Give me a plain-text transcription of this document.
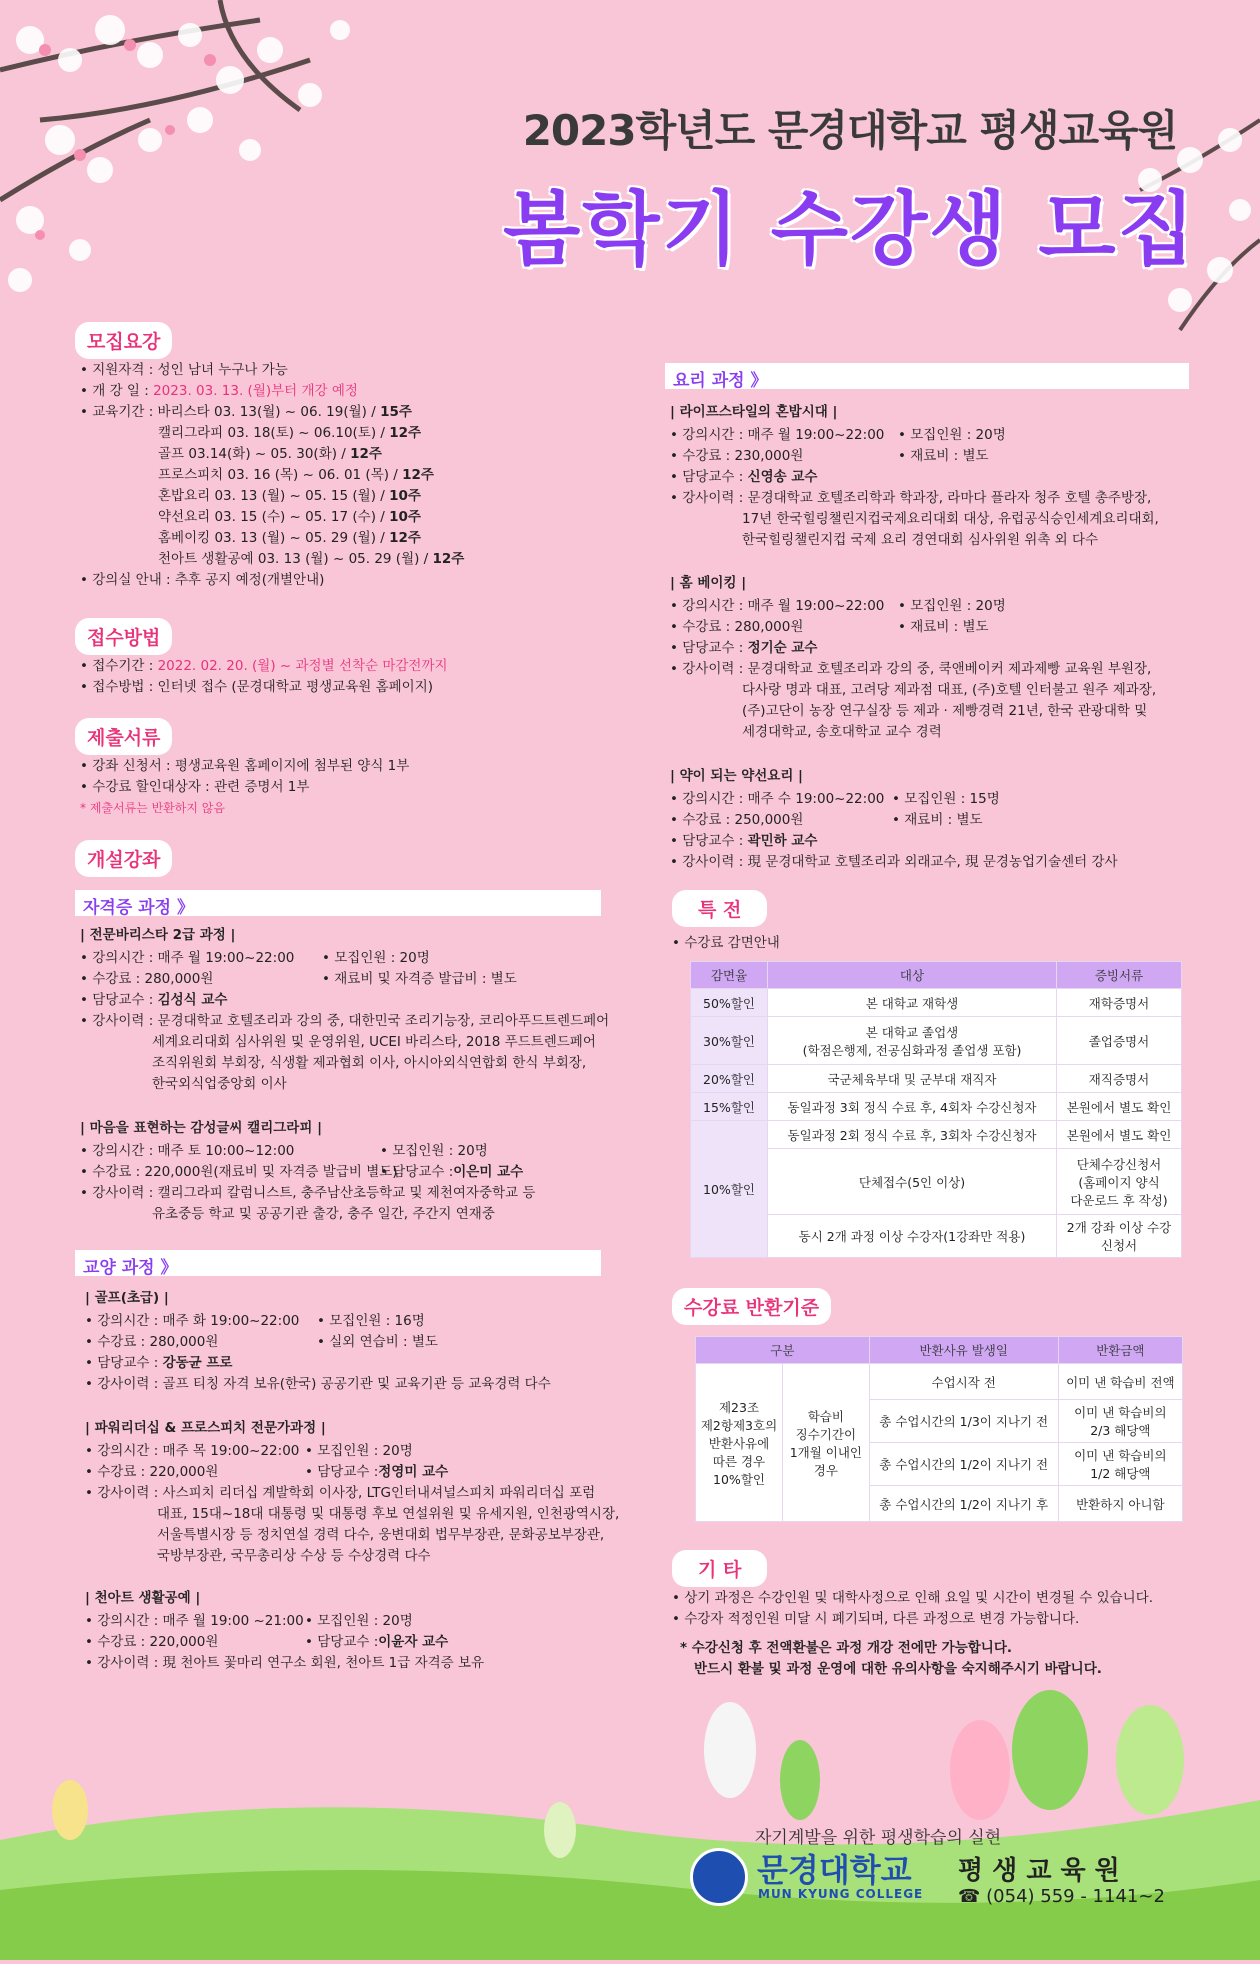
2023학년도 문경대학교 평생교육원
봄학기 수강생 모집
모집요강
• 지원자격 : 성인 남녀 누구나 가능
• 개 강 일 : 2023. 03. 13. (월)부터 개강 예정
• 교육기간 : 바리스타 03. 13(월) ~ 06. 19(월) / 15주
캘리그라피 03. 18(토) ~ 06.10(토) / 12주
골프 03.14(화) ~ 05. 30(화) / 12주
프로스피치 03. 16 (목) ~ 06. 01 (목) / 12주
혼밥요리 03. 13 (월) ~ 05. 15 (월) / 10주
약선요리 03. 15 (수) ~ 05. 17 (수) / 10주
홈베이킹 03. 13 (월) ~ 05. 29 (월) / 12주
천아트 생활공예 03. 13 (월) ~ 05. 29 (월) / 12주
• 강의실 안내 : 추후 공지 예정(개별안내)
접수방법
• 접수기간 : 2022. 02. 20. (월) ~ 과정별 선착순 마감전까지
• 접수방법 : 인터넷 접수 (문경대학교 평생교육원 홈페이지)
제출서류
• 강좌 신청서 : 평생교육원 홈페이지에 첨부된 양식 1부
• 수강료 할인대상자 : 관련 증명서 1부
* 제출서류는 반환하지 않음
개설강좌
자격증 과정 》
| 전문바리스타 2급 과정 |
• 강의시간 : 매주 월 19:00~22:00	• 모집인원 : 20명
• 수강료 : 280,000원	• 재료비 및 자격증 발급비 : 별도
• 담당교수 : 김성식 교수
• 강사이력 : 문경대학교 호텔조리과 강의 중, 대한민국 조리기능장, 코리아푸드트렌드페어
세계요리대회 심사위원 및 운영위원, UCEI 바리스타, 2018 푸드트렌드페어
조직위원회 부회장, 식생활 제과협회 이사, 아시아외식연합회 한식 부회장,
한국외식업중앙회 이사
| 마음을 표현하는 감성글씨 캘리그라피 |
• 강의시간 : 매주 토 10:00~12:00	• 모집인원 : 20명
• 수강료 : 220,000원(재료비 및 자격증 발급비 별도)
• 담당교수 :이은미 교수
• 강사이력 : 캘리그라피 칼럼니스트, 충주남산초등학교 및 제천여자중학교 등
유초중등 학교 및 공공기관 출강, 충주 일간, 주간지 연재중
교양 과정 》
| 골프(초급) |
• 강의시간 : 매주 화 19:00~22:00	• 모집인원 : 16명
• 수강료 : 280,000원	• 실외 연습비 : 별도
• 담당교수 : 강동균 프로
• 강사이력 : 골프 티칭 자격 보유(한국) 공공기관 및 교육기관 등 교육경력 다수
| 파워리더십 & 프로스피치 전문가과정 |
• 강의시간 : 매주 목 19:00~22:00 • 모집인원 : 20명
• 수강료 : 220,000원	• 담당교수 :정영미 교수
• 강사이력 : 사스피치 리더십 계발학회 이사장, LTG인터내셔널스피치 파워리더십 포럼
대표, 15대~18대 대통령 및 대통령 후보 연설위원 및 유세지원, 인천광역시장,
서울특별시장 등 정치연설 경력 다수, 웅변대회 법무부장관, 문화공보부장관,
국방부장관, 국무총리상 수상 등 수상경력 다수
| 천아트 생활공예 |
• 강의시간 : 매주 월 19:00 ~21:00 • 모집인원 : 20명
• 수강료 : 220,000원	• 담당교수 :이윤자 교수
• 강사이력 : 現 천아트 꽃마리 연구소 회원, 천아트 1급 자격증 보유
요리 과정 》
| 라이프스타일의 혼밥시대 |
• 강의시간 : 매주 월 19:00~22:00	• 모집인원 : 20명
• 수강료 : 230,000원	• 재료비 : 별도
• 담당교수 : 신영송 교수
• 강사이력 : 문경대학교 호텔조리학과 학과장, 라마다 플라자 청주 호텔 총주방장,
17년 한국힐링챌린지컵국제요리대회 대상, 유럽공식승인세계요리대회,
한국힐링챌린지컵 국제 요리 경연대회 심사위원 위촉 외 다수
| 홈 베이킹 |
• 강의시간 : 매주 월 19:00~22:00	• 모집인원 : 20명
• 수강료 : 280,000원	• 재료비 : 별도
• 담당교수 : 정기순 교수
• 강사이력 : 문경대학교 호텔조리과 강의 중, 쿡앤베이커 제과제빵 교육원 부원장,
다사랑 명과 대표, 고려당 제과점 대표, (주)호텔 인터불고 원주 제과장,
(주)고단이 농장 연구실장 등 제과 · 제빵경력 21년, 한국 관광대학 및
세경대학교, 송호대학교 교수 경력
| 약이 되는 약선요리 |
• 강의시간 : 매주 수 19:00~22:00 • 모집인원 : 15명
• 수강료 : 250,000원	• 재료비 : 별도
• 담당교수 : 곽민하 교수
• 강사이력 : 現 문경대학교 호텔조리과 외래교수, 現 문경농업기술센터 강사
특 전
• 수강료 감면안내
감면율	대상	증빙서류
50%할인	본 대학교 재학생	재학증명서
30%할인	본 대학교 졸업생
(학점은행제, 전공심화과정 졸업생 포함)	졸업증명서
20%할인	국군체육부대 및 군부대 재직자	재직증명서
15%할인	동일과정 3회 정식 수료 후, 4회차 수강신청자	본원에서 별도 확인
10%할인	동일과정 2회 정식 수료 후, 3회차 수강신청자	본원에서 별도 확인
	단체접수(5인 이상)	단체수강신청서
(홈페이지 양식
다운로드 후 작성)
	동시 2개 과정 이상 수강자(1강좌만 적용)	2개 강좌 이상 수강신청서
수강료 반환기준
구분		반환사유 발생일	반환금액
제23조
제2항제3호의
반환사유에
따른 경우
10%할인	학습비
징수기간이
1개월 이내인
경우	수업시작 전	이미 낸 학습비 전액
		총 수업시간의 1/3이 지나기 전	이미 낸 학습비의
2/3 해당액
		총 수업시간의 1/2이 지나기 전	이미 낸 학습비의
1/2 해당액
		총 수업시간의 1/2이 지나기 후	반환하지 아니함
기 타
• 상기 과정은 수강인원 및 대학사정으로 인해 요일 및 시간이 변경될 수 있습니다.
• 수강자 적정인원 미달 시 폐기되며, 다른 과정으로 변경 가능합니다.
* 수강신청 후 전액환불은 과정 개강 전에만 가능합니다.
반드시 환불 및 과정 운영에 대한 유의사항을 숙지해주시기 바랍니다.
자기계발을 위한 평생학습의 실현
문경대학교
MUN KYUNG COLLEGE
평 생 교 육 원
☎ (054) 559 - 1141~2
